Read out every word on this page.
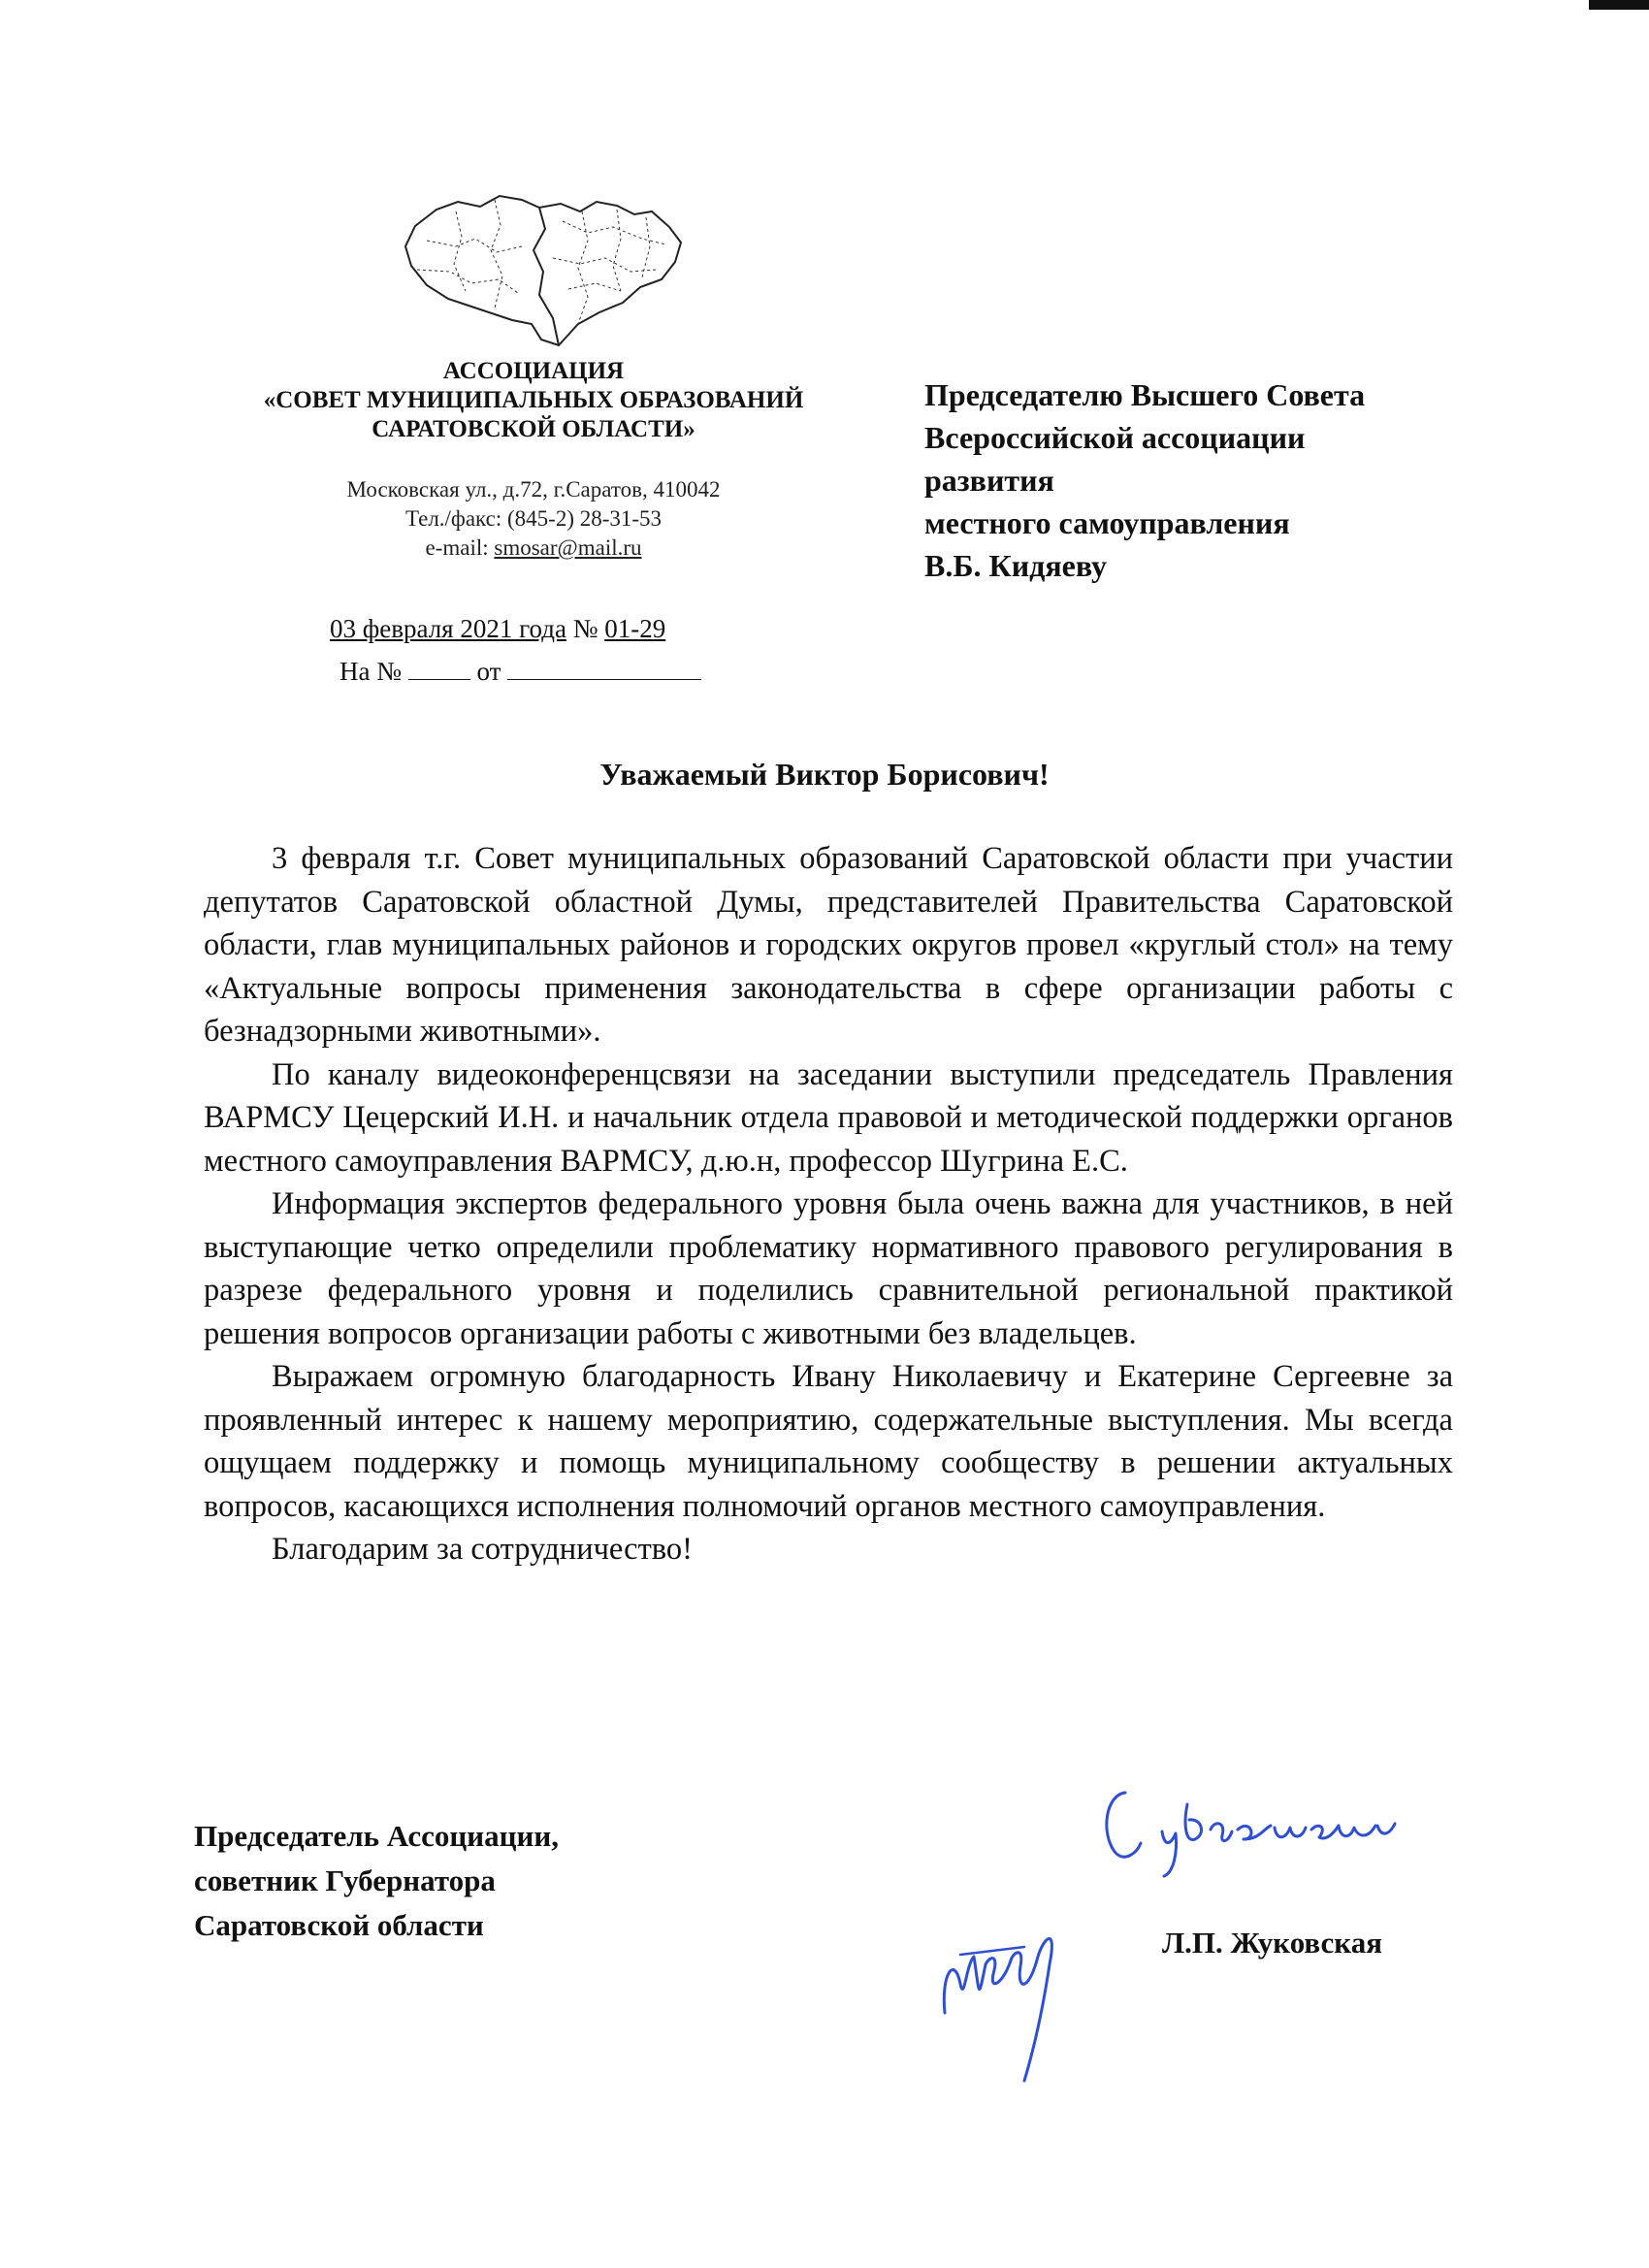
АССОЦИАЦИЯ
«СОВЕТ МУНИЦИПАЛЬНЫХ ОБРАЗОВАНИЙ
САРАТОВСКОЙ ОБЛАСТИ»
Московская ул., д.72, г.Саратов, 410042
Тел./факс: (845-2) 28-31-53
e-mail: smosar@mail.ru
03 февраля 2021 года № 01-29
На №	от
Председателю Высшего Совета
Всероссийской ассоциации
развития
местного самоуправления
В.Б. Кидяеву
Уважаемый Виктор Борисович!

3 февраля т.г. Совет муниципальных образований Саратовской области при участии депутатов Саратовской областной Думы, представителей Правительства Саратовской области, глав муниципальных районов и городских округов провел «круглый стол» на тему «Актуальные вопросы применения законодательства в сфере организации работы с безнадзорными животными».

По каналу видеоконференцсвязи на заседании выступили председатель Правления ВАРМСУ Цецерский И.Н. и начальник отдела правовой и методической поддержки органов местного самоуправления ВАРМСУ, д.ю.н, профессор Шугрина Е.С.

Информация экспертов федерального уровня была очень важна для участников, в ней выступающие четко определили проблематику нормативного правового регулирования в разрезе федерального уровня и поделились сравнительной региональной практикой решения вопросов организации работы с животными без владельцев.

Выражаем огромную благодарность Ивану Николаевичу и Екатерине Сергеевне за проявленный интерес к нашему мероприятию, содержательные выступления. Мы всегда ощущаем поддержку и помощь муниципальному сообществу в решении актуальных вопросов, касающихся исполнения полномочий органов местного самоуправления.

Благодарим за сотрудничество!

Председатель Ассоциации,
советник Губернатора
Саратовской области
Л.П. Жуковская
